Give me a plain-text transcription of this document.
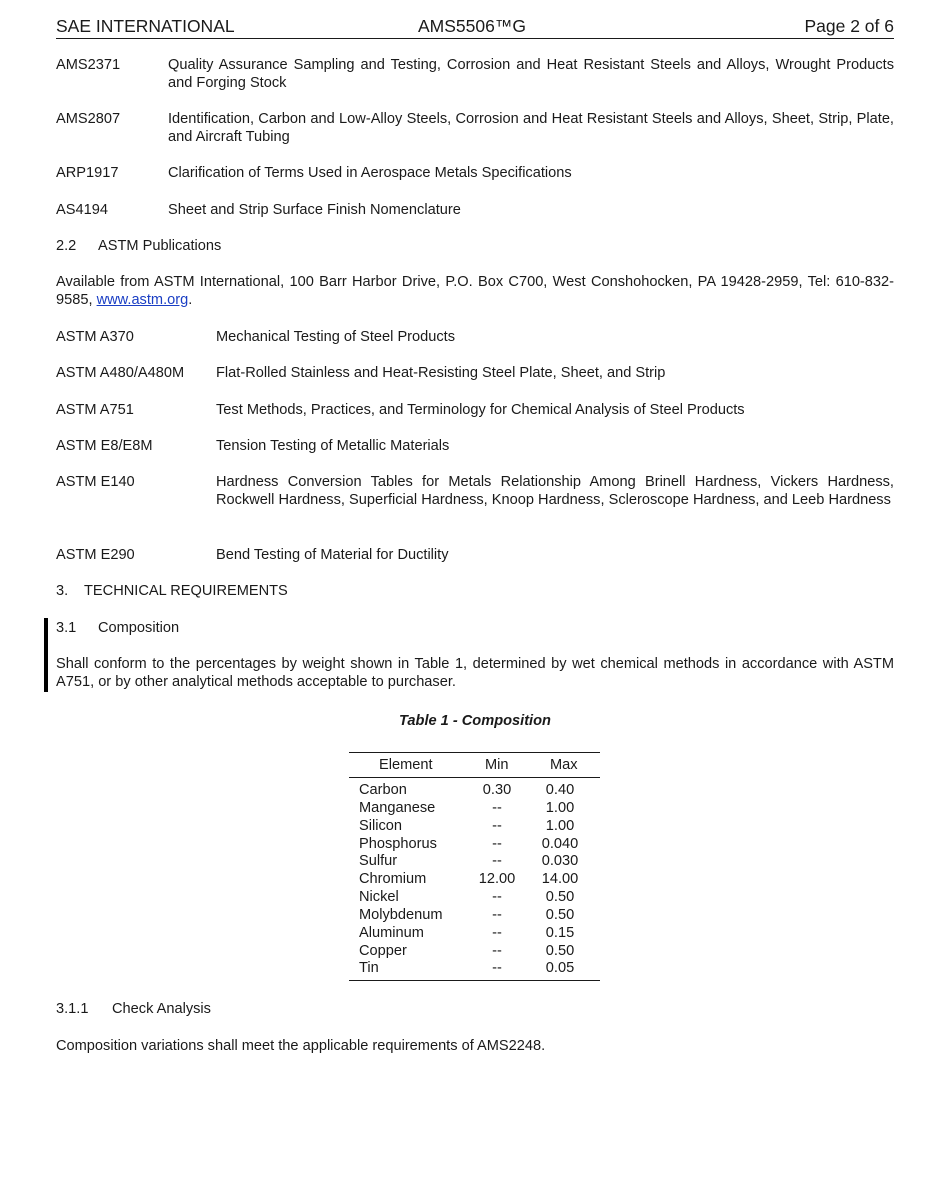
SAE INTERNATIONAL	AMS5506™G	Page 2 of 6
AMS2371	Quality Assurance Sampling and Testing, Corrosion and Heat Resistant Steels and Alloys, Wrought Products and Forging Stock
AMS2807	Identification, Carbon and Low-Alloy Steels, Corrosion and Heat Resistant Steels and Alloys, Sheet, Strip, Plate, and Aircraft Tubing
ARP1917	Clarification of Terms Used in Aerospace Metals Specifications
AS4194	Sheet and Strip Surface Finish Nomenclature
2.2 ASTM Publications
Available from ASTM International, 100 Barr Harbor Drive, P.O. Box C700, West Conshohocken, PA 19428-2959, Tel: 610-832-9585, www.astm.org.
ASTM A370	Mechanical Testing of Steel Products
ASTM A480/A480M Flat-Rolled Stainless and Heat-Resisting Steel Plate, Sheet, and Strip
ASTM A751	Test Methods, Practices, and Terminology for Chemical Analysis of Steel Products
ASTM E8/E8M	Tension Testing of Metallic Materials
ASTM E140	Hardness Conversion Tables for Metals Relationship Among Brinell Hardness, Vickers Hardness, Rockwell Hardness, Superficial Hardness, Knoop Hardness, Scleroscope Hardness, and Leeb Hardness
ASTM E290	Bend Testing of Material for Ductility
3. TECHNICAL REQUIREMENTS
3.1 Composition
Shall conform to the percentages by weight shown in Table 1, determined by wet chemical methods in accordance with ASTM A751, or by other analytical methods acceptable to purchaser.
Table 1 - Composition
Element	Min	Max
Carbon	0.30	0.40
Manganese	--	1.00
Silicon	--	1.00
Phosphorus	--	0.040
Sulfur	--	0.030
Chromium	12.00	14.00
Nickel	--	0.50
Molybdenum	--	0.50
Aluminum	--	0.15
Copper	--	0.50
Tin	--	0.05
3.1.1 Check Analysis
Composition variations shall meet the applicable requirements of AMS2248.
